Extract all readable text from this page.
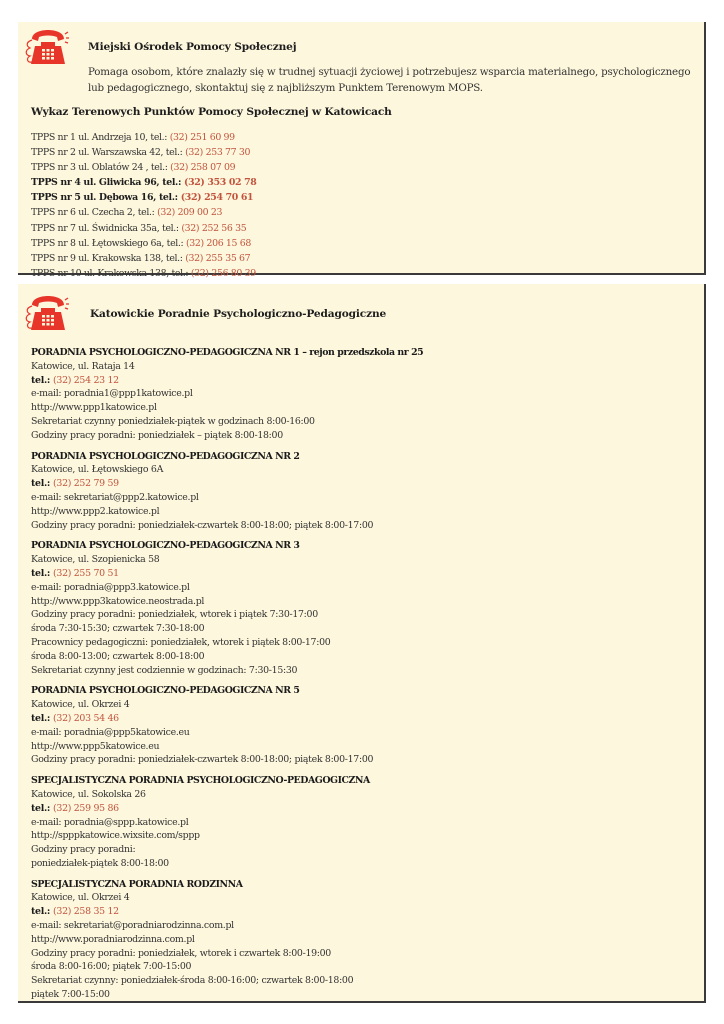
Miejski Ośrodek Pomocy Społecznej
Pomaga osobom, które znalazły się w trudnej sytuacji życiowej i potrzebujesz wsparcia materialnego, psychologicznego
lub pedagogicznego, skontaktuj się z najbliższym Punktem Terenowym MOPS.
Wykaz Terenowych Punktów Pomocy Społecznej w Katowicach
TPPS nr 1 ul. Andrzeja 10, tel.: (32) 251 60 99
TPPS nr 2 ul. Warszawska 42, tel.: (32) 253 77 30
TPPS nr 3 ul. Oblatów 24 , tel.: (32) 258 07 09
TPPS nr 4 ul. Gliwicka 96, tel.: (32) 353 02 78
TPPS nr 5 ul. Dębowa 16, tel.: (32) 254 70 61
TPPS nr 6 ul. Czecha 2, tel.: (32) 209 00 23
TPPS nr 7 ul. Świdnicka 35a, tel.: (32) 252 56 35
TPPS nr 8 ul. Łętowskiego 6a, tel.: (32) 206 15 68
TPPS nr 9 ul. Krakowska 138, tel.: (32) 255 35 67
TPPS nr 10 ul. Krakowska 138, tel.: (32) 256 80 39
Katowickie Poradnie Psychologiczno-Pedagogiczne
PORADNIA PSYCHOLOGICZNO-PEDAGOGICZNA NR 1 – rejon przedszkola nr 25
Katowice, ul. Rataja 14
tel.: (32) 254 23 12
e-mail: poradnia1@ppp1katowice.pl
http://www.ppp1katowice.pl
Sekretariat czynny poniedziałek-piątek w godzinach 8:00-16:00
Godziny pracy poradni: poniedziałek – piątek 8:00-18:00
PORADNIA PSYCHOLOGICZNO-PEDAGOGICZNA NR 2
Katowice, ul. Łętowskiego 6A
tel.: (32) 252 79 59
e-mail: sekretariat@ppp2.katowice.pl
http://www.ppp2.katowice.pl
Godziny pracy poradni: poniedziałek-czwartek 8:00-18:00; piątek 8:00-17:00
PORADNIA PSYCHOLOGICZNO-PEDAGOGICZNA NR 3
Katowice, ul. Szopienicka 58
tel.: (32) 255 70 51
e-mail: poradnia@ppp3.katowice.pl
http://www.ppp3katowice.neostrada.pl
Godziny pracy poradni: poniedziałek, wtorek i piątek 7:30-17:00
środa 7:30-15:30; czwartek 7:30-18:00
Pracownicy pedagogiczni: poniedziałek, wtorek i piątek 8:00-17:00
środa 8:00-13:00; czwartek 8:00-18:00
Sekretariat czynny jest codziennie w godzinach: 7:30-15:30
PORADNIA PSYCHOLOGICZNO-PEDAGOGICZNA NR 5
Katowice, ul. Okrzei 4
tel.: (32) 203 54 46
e-mail: poradnia@ppp5katowice.eu
http://www.ppp5katowice.eu
Godziny pracy poradni: poniedziałek-czwartek 8:00-18:00; piątek 8:00-17:00
SPECJALISTYCZNA PORADNIA PSYCHOLOGICZNO-PEDAGOGICZNA
Katowice, ul. Sokolska 26
tel.: (32) 259 95 86
e-mail: poradnia@sppp.katowice.pl
http://spppkatowice.wixsite.com/sppp
Godziny pracy poradni:
poniedziałek-piątek 8:00-18:00
SPECJALISTYCZNA PORADNIA RODZINNA
Katowice, ul. Okrzei 4
tel.: (32) 258 35 12
e-mail: sekretariat@poradniarodzinna.com.pl
http://www.poradniarodzinna.com.pl
Godziny pracy poradni: poniedziałek, wtorek i czwartek 8:00-19:00
środa 8:00-16:00; piątek 7:00-15:00
Sekretariat czynny: poniedziałek-środa 8:00-16:00; czwartek 8:00-18:00
piątek 7:00-15:00
